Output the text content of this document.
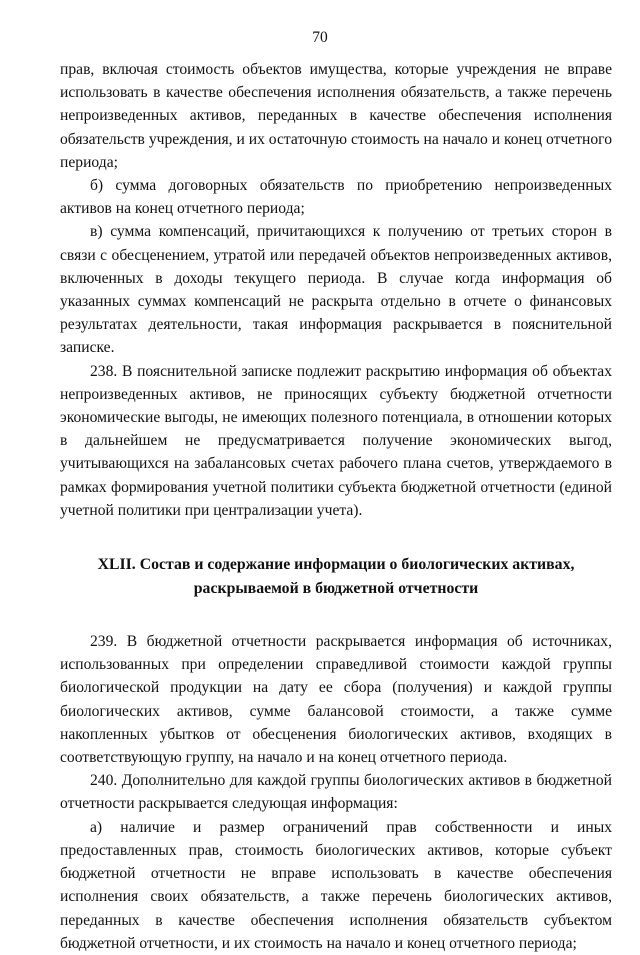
70

прав, включая стоимость объектов имущества, которые учреждения не вправе использовать в качестве обеспечения исполнения обязательств, а также перечень непроизведенных активов, переданных в качестве обеспечения исполнения обязательств учреждения, и их остаточную стоимость на начало и конец отчетного периода;

б) сумма договорных обязательств по приобретению непроизведенных активов на конец отчетного периода;

в) сумма компенсаций, причитающихся к получению от третьих сторон в связи с обесценением, утратой или передачей объектов непроизведенных активов, включенных в доходы текущего периода. В случае когда информация об указанных суммах компенсаций не раскрыта отдельно в отчете о финансовых результатах деятельности, такая информация раскрывается в пояснительной записке.

238. В пояснительной записке подлежит раскрытию информация об объектах непроизведенных активов, не приносящих субъекту бюджетной отчетности экономические выгоды, не имеющих полезного потенциала, в отношении которых в дальнейшем не предусматривается получение экономических выгод, учитывающихся на забалансовых счетах рабочего плана счетов, утверждаемого в рамках формирования учетной политики субъекта бюджетной отчетности (единой учетной политики при централизации учета).

XLII. Состав и содержание информации о биологических активах,
раскрываемой в бюджетной отчетности

239. В бюджетной отчетности раскрывается информация об источниках, использованных при определении справедливой стоимости каждой группы биологической продукции на дату ее сбора (получения) и каждой группы биологических активов, сумме балансовой стоимости, а также сумме накопленных убытков от обесценения биологических активов, входящих в соответствующую группу, на начало и на конец отчетного периода.

240. Дополнительно для каждой группы биологических активов в бюджетной отчетности раскрывается следующая информация:

а) наличие и размер ограничений прав собственности и иных предоставленных прав, стоимость биологических активов, которые субъект бюджетной отчетности не вправе использовать в качестве обеспечения исполнения своих обязательств, а также перечень биологических активов, переданных в качестве обеспечения исполнения обязательств субъектом бюджетной отчетности, и их стоимость на начало и конец отчетного периода;
